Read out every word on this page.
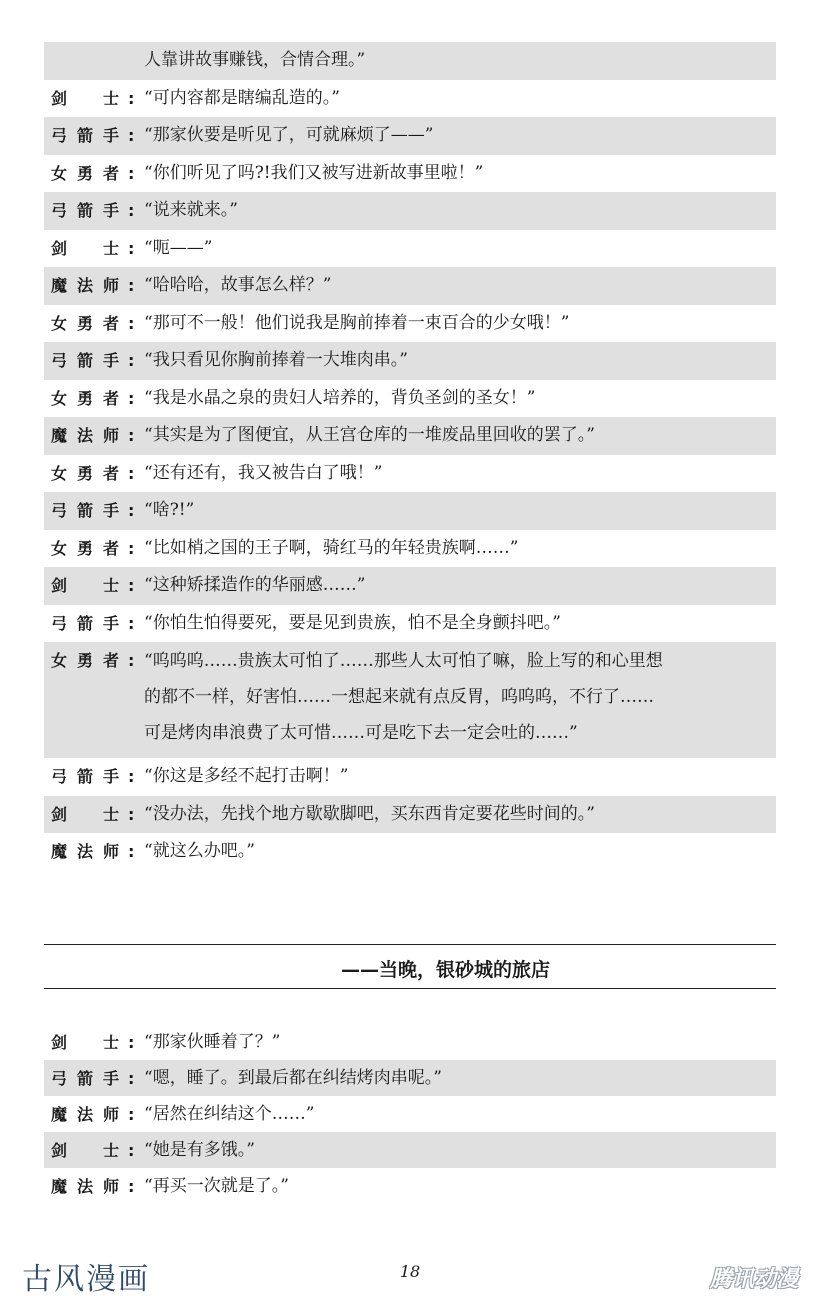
人靠讲故事赚钱，合情合理。”
剑 士 : “可内容都是瞎编乱造的。”
弓 箭 手 : “那家伙要是听见了，可就麻烦了——”
女 勇 者 : “你们听见了吗?!我们又被写进新故事里啦！”
弓 箭 手 : “说来就来。”
剑 士 : “呃——”
魔 法 师 : “哈哈哈，故事怎么样？”
女 勇 者 : “那可不一般！他们说我是胸前捧着一束百合的少女哦！”
弓 箭 手 : “我只看见你胸前捧着一大堆肉串。”
女 勇 者 : “我是水晶之泉的贵妇人培养的，背负圣剑的圣女！”
魔 法 师 : “其实是为了图便宜，从王宫仓库的一堆废品里回收的罢了。”
女 勇 者 : “还有还有，我又被告白了哦！”
弓 箭 手 : “啥?!”
女 勇 者 : “比如梢之国的王子啊，骑红马的年轻贵族啊……”
剑 士 : “这种矫揉造作的华丽感……”
弓 箭 手 : “你怕生怕得要死，要是见到贵族，怕不是全身颤抖吧。”
女 勇 者 : “呜呜呜……贵族太可怕了……那些人太可怕了嘛，脸上写的和心里想
的都不一样，好害怕……一想起来就有点反胃，呜呜呜，不行了……
可是烤肉串浪费了太可惜……可是吃下去一定会吐的……”
弓 箭 手 : “你这是多经不起打击啊！”
剑 士 : “没办法，先找个地方歇歇脚吧，买东西肯定要花些时间的。”
魔 法 师 : “就这么办吧。”
——当晚，银砂城的旅店
剑 士 : “那家伙睡着了？”
弓 箭 手 : “嗯，睡了。到最后都在纠结烤肉串呢。”
魔 法 师 : “居然在纠结这个……”
剑 士 : “她是有多饿。”
魔 法 师 : “再买一次就是了。”
古风漫画	18	腾讯动漫
